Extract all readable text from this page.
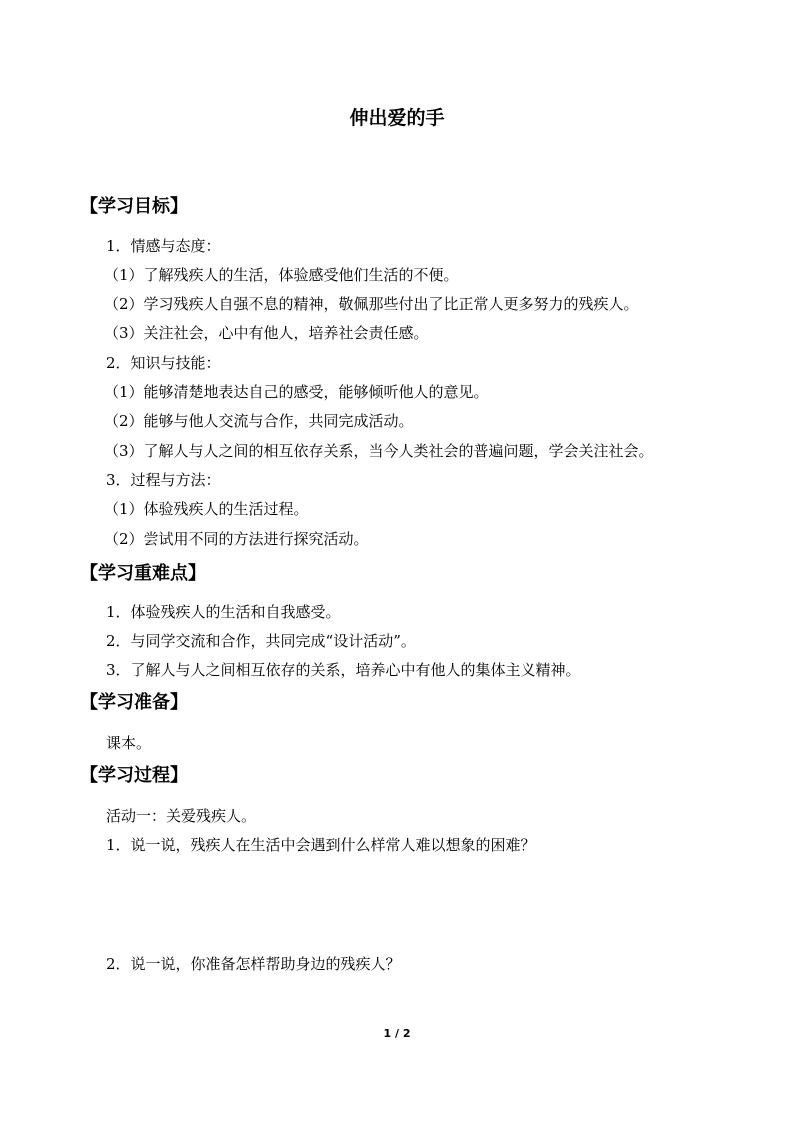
伸出爱的手
【学习目标】
1．情感与态度：
（1）了解残疾人的生活，体验感受他们生活的不便。
（2）学习残疾人自强不息的精神，敬佩那些付出了比正常人更多努力的残疾人。
（3）关注社会，心中有他人，培养社会责任感。
2．知识与技能：
（1）能够清楚地表达自己的感受，能够倾听他人的意见。
（2）能够与他人交流与合作，共同完成活动。
（3）了解人与人之间的相互依存关系，当今人类社会的普遍问题，学会关注社会。
3．过程与方法：
（1）体验残疾人的生活过程。
（2）尝试用不同的方法进行探究活动。
【学习重难点】
1．体验残疾人的生活和自我感受。
2．与同学交流和合作，共同完成“设计活动”。
3．了解人与人之间相互依存的关系，培养心中有他人的集体主义精神。
【学习准备】
课本。
【学习过程】
活动一：关爱残疾人。
1．说一说，残疾人在生活中会遇到什么样常人难以想象的困难？
2．说一说，你准备怎样帮助身边的残疾人？
1 / 2
